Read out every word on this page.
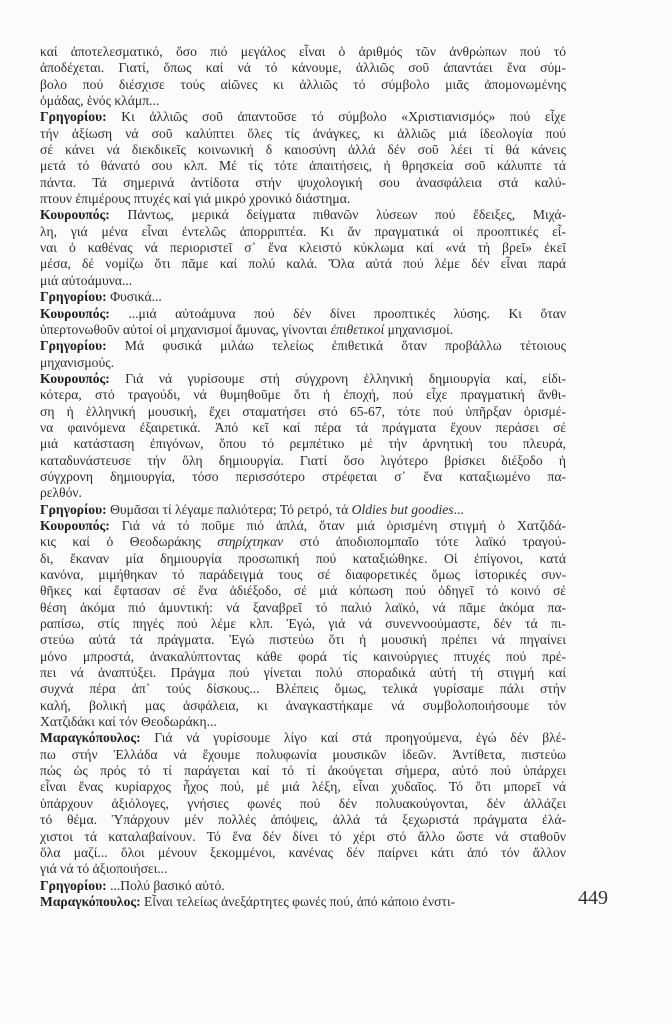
καί ἀποτελεσματικό, ὅσο πιό μεγάλος εἶναι ὁ ἀριθμός τῶν ἀνθρώπων πού τό
ἀποδέχεται. Γιατί, ὅπως καί νά τό κάνουμε, ἀλλιῶς σοῦ ἀπαντάει ἕνα σύμ-
βολο πού διέσχισε τούς αἰῶνες κι ἀλλιῶς τό σύμβολο μιᾶς ἀπομονωμένης
ὁμάδας, ἑνός κλάμπ...
Γρηγορίου: Κι ἀλλιῶς σοῦ ἀπαντοῦσε τό σύμβολο «Χριστιανισμός» πού εἶχε
τήν ἀξίωση νά σοῦ καλύπτει ὅλες τίς ἀνάγκες, κι ἀλλιῶς μιά ἰδεολογία πού
σέ κάνει νά διεκδικεῖς κοινωνική δ καιοσύνη ἀλλά δέν σοῦ λέει τί θά κάνεις
μετά τό θάνατό σου κλπ. Μέ τίς τότε ἀπαιτήσεις, ἡ θρησκεία σοῦ κάλυπτε τά
πάντα. Τά σημερινά ἀντίδοτα στήν ψυχολογική σου ἀνασφάλεια στά καλύ-
πτουν ἐπιμέρους πτυχές καί γιά μικρό χρονικό διάστημα.
Κουρουπός: Πάντως, μερικά δείγματα πιθανῶν λύσεων πού ἔδειξες, Μιχά-
λη, γιά μένα εἶναι ἐντελῶς ἀπορριπτέα. Κι ἄν πραγματικά οἱ προοπτικές εἶ-
ναι ὁ καθένας νά περιοριστεῖ σ᾿ ἕνα κλειστό κύκλωμα καί «νά τή βρεῖ» ἐκεῖ
μέσα, δέ νομίζω ὅτι πᾶμε καί πολύ καλά. Ὅλα αὐτά πού λέμε δέν εἶναι παρά
μιά αὐτοάμυνα...
Γρηγορίου: Φυσικά...
Κουρουπός: ...μιά αὐτοάμυνα πού δέν δίνει προοπτικές λύσης. Κι ὅταν
ὑπερτονωθοῦν αὐτοί οἱ μηχανισμοί ἄμυνας, γίνονται ἐπιθετικοί μηχανισμοί.
Γρηγορίου: Μά φυσικά μιλάω τελείως ἐπιθετικά ὅταν προβάλλω τέτοιους
μηχανισμούς.
Κουρουπός: Γιά νά γυρίσουμε στή σύγχρονη ἑλληνική δημιουργία καί, εἰδι-
κότερα, στό τραγούδι, νά θυμηθοῦμε ὅτι ἡ ἐποχή, πού εἶχε πραγματική ἄνθι-
ση ἡ ἑλληνική μουσική, ἔχει σταματήσει στό 65-67, τότε πού ὑπῆρξαν ὁρισμέ-
να φαινόμενα ἐξαιρετικά. Ἀπό κεῖ καί πέρα τά πράγματα ἔχουν περάσει σέ
μιά κατάσταση ἐπιγόνων, ὅπου τό ρεμπέτικο μέ τήν ἀρνητική του πλευρά,
καταδυνάστευσε τήν ὅλη δημιουργία. Γιατί ὅσο λιγότερο βρίσκει διέξοδο ἡ
σύγχρονη δημιουργία, τόσο περισσότερο στρέφεται σ᾿ ἕνα καταξιωμένο πα-
ρελθόν.
Γρηγορίου: Θυμᾶσαι τί λέγαμε παλιότερα; Τό ρετρό, τά Oldies but goodies...
Κουρουπός: Γιά νά τό ποῦμε πιό ἁπλά, ὅταν μιά ὁρισμένη στιγμή ὁ Χατζιδά-
κις καί ὁ Θεοδωράκης στηρίχτηκαν στό ἀποδιοπομπαῖο τότε λαϊκό τραγού-
δι, ἔκαναν μία δημιουργία προσωπική πού καταξιώθηκε. Οἱ ἐπίγονοι, κατά
κανόνα, μιμήθηκαν τό παράδειγμά τους σέ διαφορετικές ὅμως ἱστορικές συν-
θῆκες καί ἔφτασαν σέ ἕνα ἀδιέξοδο, σέ μιά κόπωση πού ὁδηγεῖ τό κοινό σέ
θέση ἀκόμα πιό ἀμυντική: νά ξαναβρεῖ τό παλιό λαϊκό, νά πᾶμε ἀκόμα πα-
ραπίσω, στίς πηγές πού λέμε κλπ. Ἐγώ, γιά νά συνεννοούμαστε, δέν τά πι-
στεύω αὐτά τά πράγματα. Ἐγώ πιστεύω ὅτι ἡ μουσική πρέπει νά πηγαίνει
μόνο μπροστά, ἀνακαλύπτοντας κάθε φορά τίς καινούργιες πτυχές πού πρέ-
πει νά ἀναπτύξει. Πράγμα πού γίνεται πολύ σποραδικά αὐτή τή στιγμή καί
συχνά πέρα ἀπ᾿ τούς δίσκους... Βλέπεις ὅμως, τελικά γυρίσαμε πάλι στήν
καλή, βολική μας ἀσφάλεια, κι ἀναγκαστήκαμε νά συμβολοποιήσουμε τόν
Χατζιδάκι καί τόν Θεοδωράκη...
Μαραγκόπουλος: Γιά νά γυρίσουμε λίγο καί στά προηγούμενα, ἐγώ δέν βλέ-
πω στήν Ἑλλάδα νά ἔχουμε πολυφωνία μουσικῶν ἰδεῶν. Ἀντίθετα, πιστεύω
πώς ὡς πρός τό τί παράγεται καί τό τί ἀκούγεται σήμερα, αὐτό πού ὑπάρχει
εἶναι ἕνας κυρίαρχος ἦχος πού, μέ μιά λέξη, εἶναι χυδαῖος. Τό ὅτι μπορεῖ νά
ὑπάρχουν ἀξιόλογες, γνήσιες φωνές πού δέν πολυακούγονται, δέν ἀλλάζει
τό θέμα. Ὑπάρχουν μέν πολλές ἀπόψεις, ἀλλά τά ξεχωριστά πράγματα ἐλά-
χιστοι τά καταλαβαίνουν. Τό ἕνα δέν δίνει τό χέρι στό ἄλλο ὥστε νά σταθοῦν
ὅλα μαζί... ὅλοι μένουν ξεκομμένοι, κανένας δέν παίρνει κάτι ἀπό τόν ἄλλον
γιά νά τό ἀξιοποιήσει...
Γρηγορίου: ...Πολύ βασικό αὐτό.
Μαραγκόπουλος: Εἶναι τελείως ἀνεξάρτητες φωνές πού, ἀπό κάποιο ἐνστι-	449
